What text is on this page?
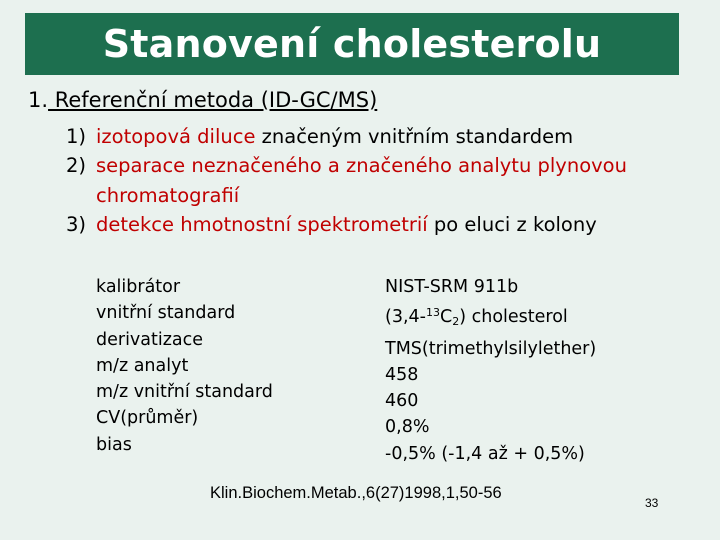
Stanovení cholesterolu
1. Referenční metoda (ID-GC/MS)
1) izotopová diluce značeným vnitřním standardem
2) separace neznačeného a značeného analytu plynovou chromatografií
3) detekce hmotnostní spektrometrií po eluci z kolony
kalibrátor
vnitřní standard
derivatizace
m/z analyt
m/z vnitřní standard
CV(průměr)
bias
NIST-SRM 911b
$(3,4-^{13}C_2)$ cholesterol
TMS(trimethylsilylether)
458
460
0,8%
-0,5% (-1,4 až + 0,5%)
Klin.Biochem.Metab.,6(27)1998,1,50-56
33
